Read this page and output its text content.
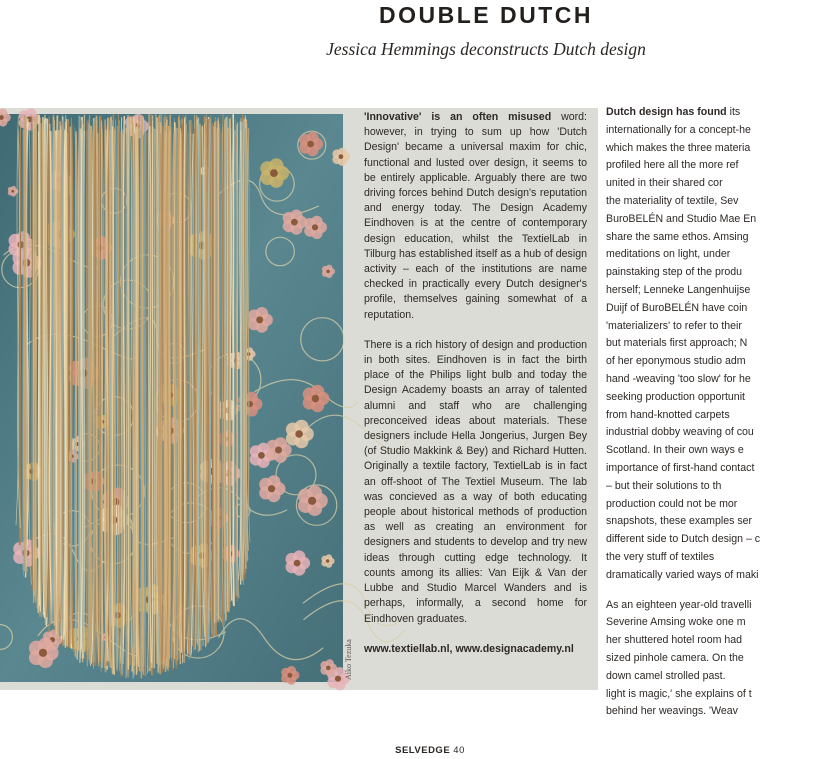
DOUBLE DUTCH
Jessica Hemmings deconstructs Dutch design
Aiko Tezuka

'Innovative' is an often misused word: however, in trying to sum up how 'Dutch Design' became a universal maxim for chic, functional and lusted over design, it seems to be entirely applicable. Arguably there are two driving forces behind Dutch design's reputation and energy today. The Design Academy Eindhoven is at the centre of contemporary design education, whilst the TextielLab in Tilburg has established itself as a hub of design activity – each of the institutions are name checked in practically every Dutch designer's profile, themselves gaining somewhat of a reputation.

There is a rich history of design and production in both sites. Eindhoven is in fact the birth place of the Philips light bulb and today the Design Academy boasts an array of talented alumni and staff who are challenging preconceived ideas about materials. These designers include Hella Jongerius, Jurgen Bey (of Studio Makkink & Bey) and Richard Hutten. Originally a textile factory, TextielLab is in fact an off-shoot of The Textiel Museum. The lab was concieved as a way of both educating people about historical methods of production as well as creating an environment for designers and students to develop and try new ideas through cutting edge technology. It counts among its allies: Van Eijk & Van der Lubbe and Studio Marcel Wanders and is perhaps, informally, a second home for Eindhoven graduates.

www.textiellab.nl, www.designacademy.nl

Dutch design has found its
internationally for a concept-he
which makes the three materia
profiled here all the more ref
united in their shared cor
the materiality of textile, Sev
BuroBELÉN and Studio Mae En
share the same ethos. Amsing
meditations on light, under
painstaking step of the produ
herself; Lenneke Langenhuijse
Duijf of BuroBELÉN have coin
'materializers' to refer to their
but materials first approach; N
of her eponymous studio adm
hand -weaving 'too slow' for he
seeking production opportunit
from hand-knotted carpets
industrial dobby weaving of cou
Scotland. In their own ways e
importance of first-hand contact
– but their solutions to th
production could not be mor
snapshots, these examples ser
different side to Dutch design – c
the very stuff of textiles
dramatically varied ways of maki

As an eighteen year-old travelli
Severine Amsing woke one m
her shuttered hotel room had
sized pinhole camera. On the
down camel strolled past.
light is magic,' she explains of t
behind her weavings. 'Weav

SELVEDGE 40
